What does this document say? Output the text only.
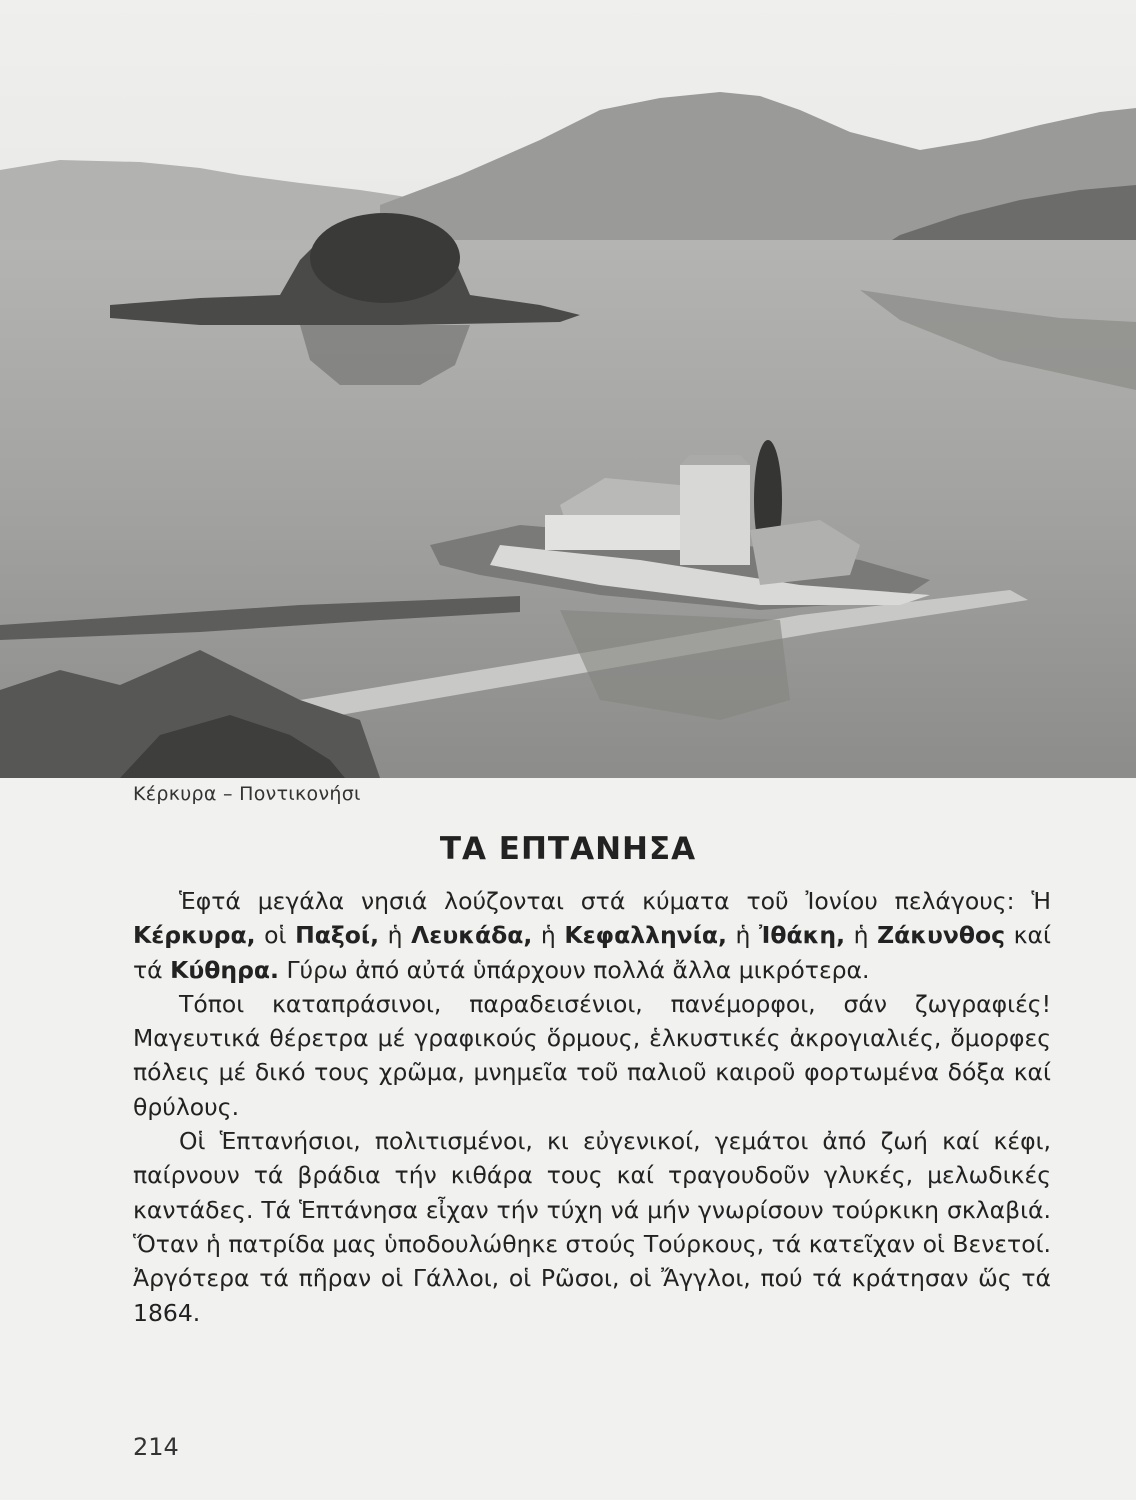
Κέρκυρα – Ποντικονήσι
ΤΑ ΕΠΤΑΝΗΣΑ

Ἑφτά μεγάλα νησιά λούζονται στά κύματα τοῦ Ἰονίου πελάγους: Ἡ Κέρκυρα, οἱ Παξοί, ἡ Λευκάδα, ἡ Κεφαλληνία, ἡ Ἰθάκη, ἡ Ζάκυνθος καί τά Κύθηρα. Γύρω ἀπό αὐτά ὑπάρχουν πολλά ἄλλα μικρότερα.

Τόποι καταπράσινοι, παραδεισένιοι, πανέμορφοι, σάν ζωγραφιές! Μαγευτικά θέρετρα μέ γραφικούς ὅρμους, ἑλκυστικές ἀκρογιαλιές, ὄμορφες πόλεις μέ δικό τους χρῶμα, μνημεῖα τοῦ παλιοῦ καιροῦ φορτωμένα δόξα καί θρύλους.

Οἱ Ἑπτανήσιοι, πολιτισμένοι, κι εὐγενικοί, γεμάτοι ἀπό ζωή καί κέφι, παίρνουν τά βράδια τήν κιθάρα τους καί τραγουδοῦν γλυκές, μελωδικές καντάδες. Τά Ἑπτάνησα εἶχαν τήν τύχη νά μήν γνωρίσουν τούρκικη σκλαβιά. Ὅταν ἡ πατρίδα μας ὑποδουλώθηκε στούς Τούρκους, τά κατεῖχαν οἱ Βενετοί. Ἀργότερα τά πῆραν οἱ Γάλλοι, οἱ Ρῶσοι, οἱ Ἄγγλοι, πού τά κράτησαν ὥς τά 1864.

214
